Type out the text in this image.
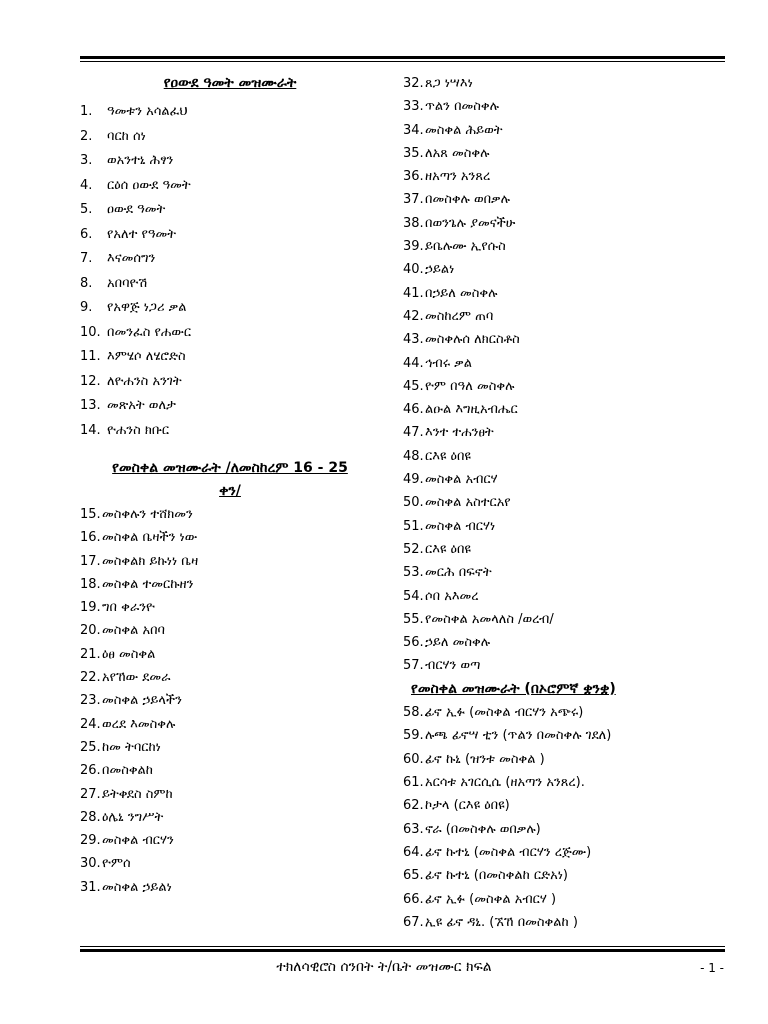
የዐውደ ዓመት መዝሙራት
1. ዓመቱን አሳልፈህ
2. ባርከ ሰነ
3. ወአንተኒ ሕፃን
4. ርዕሰ ዐውደ ዓመት
5. ዐውደ ዓመት
6. የአለተ የዓመት
7. እናመሰግን
8. አበባዮሽ
9. የአዋጅ ነጋሪ ቃል
10. በመንፈስ የሐውር
11. እምሄሶ ለሄሮድስ
12. ለዮሐንስ አንገት
13. መጽአት ወለታ
14. ዮሐንስ ክቡር
የመስቀል መዝሙራት /ለመስከረም 16 - 25
ቀን/
15.መስቀሉን ተሸክመን
16.መስቀል ቤዛችን ነው
17.መስቀልክ ይኩነነ ቤዛ
18.መስቀል ተመርኩዘን
19.ግበ ቀራንዮ
20.መስቀል አበባ
21.ዕፀ መስቀል
22.አየኸው ደመራ
23.መስቀል ኃይላችን
24.ወረደ እመስቀሉ
25.ከመ ትባርከነ
26.በመስቀልከ
27.ይትቀደስ ስምከ
28.ዕሌኒ ንግሥት
29.መስቀል ብርሃን
30.ዮምሰ
31.መስቀል ኃይልነ
32.ጸጋ ነሣእነ
33.ጥልን በመስቀሉ
34.መስቀል ሕይወት
35.ለአጸ መስቀሉ
36.ዘአጣን አንጸረ
37.በመስቀሉ ወበቃሉ
38.በወንጌሉ ያመናችሁ
39.ይቤሉሙ ኢየሱስ
40.ኃይልነ
41.በኃይለ መስቀሉ
42.መስከረም ጠባ
43.መስቀሉሰ ለክርስቶስ
44.ኅብሩ ቃል
45.ዮም በዓለ መስቀሉ
46.ልዑል እግዚአብሔር
47.እንተ ተሐንፀት
48.ርእዩ ዕበዩ
49.መስቀል አብርሃ
50.መስቀል አስተርአየ
51.መስቀል ብርሃነ
52.ርእዩ ዕበዩ
53.መርሕ በፍኖት
54.ሶበ አእመረ
55.የመስቀል አመላለስ /ወረብ/
56.ኃይለ መስቀሉ
57.ብርሃን ወጣ
የመስቀል መዝሙራት (በኦሮምኛ ቋንቋ)
58..ፊኖ ኢፉ (መስቀል ብርሃን አጭሩ)
59.ሉጫ ፊኖሣ ቲን (ጥልን በመስቀሉ ገደለ)
60.ፊኖ ኩኒ (ዝንቱ መስቀል )
61.አርሳቱ አገርሲሴ (ዘአጣን አንጸረ).
62.ኮታላ (ርእዩ ዕበዩ)
63.ኖራ (በመስቀሉ ወበቃሉ)
64.ፊኖ ኩተኒ (መስቀል ብርሃን ረጅሙ)
65.ፊኖ ኩተኒ (በመስቀልከ ርድአነ)
66.ፊኖ ኢፉ (መስቀል አብርሃ )
67.ኢዩ ፊኖ ዳኒ. (ኧኸ በመስቀልከ )
ተክለሳዊሮስ ሰንበት ት/ቤት መዝሙር ክፍል	- 1 -
